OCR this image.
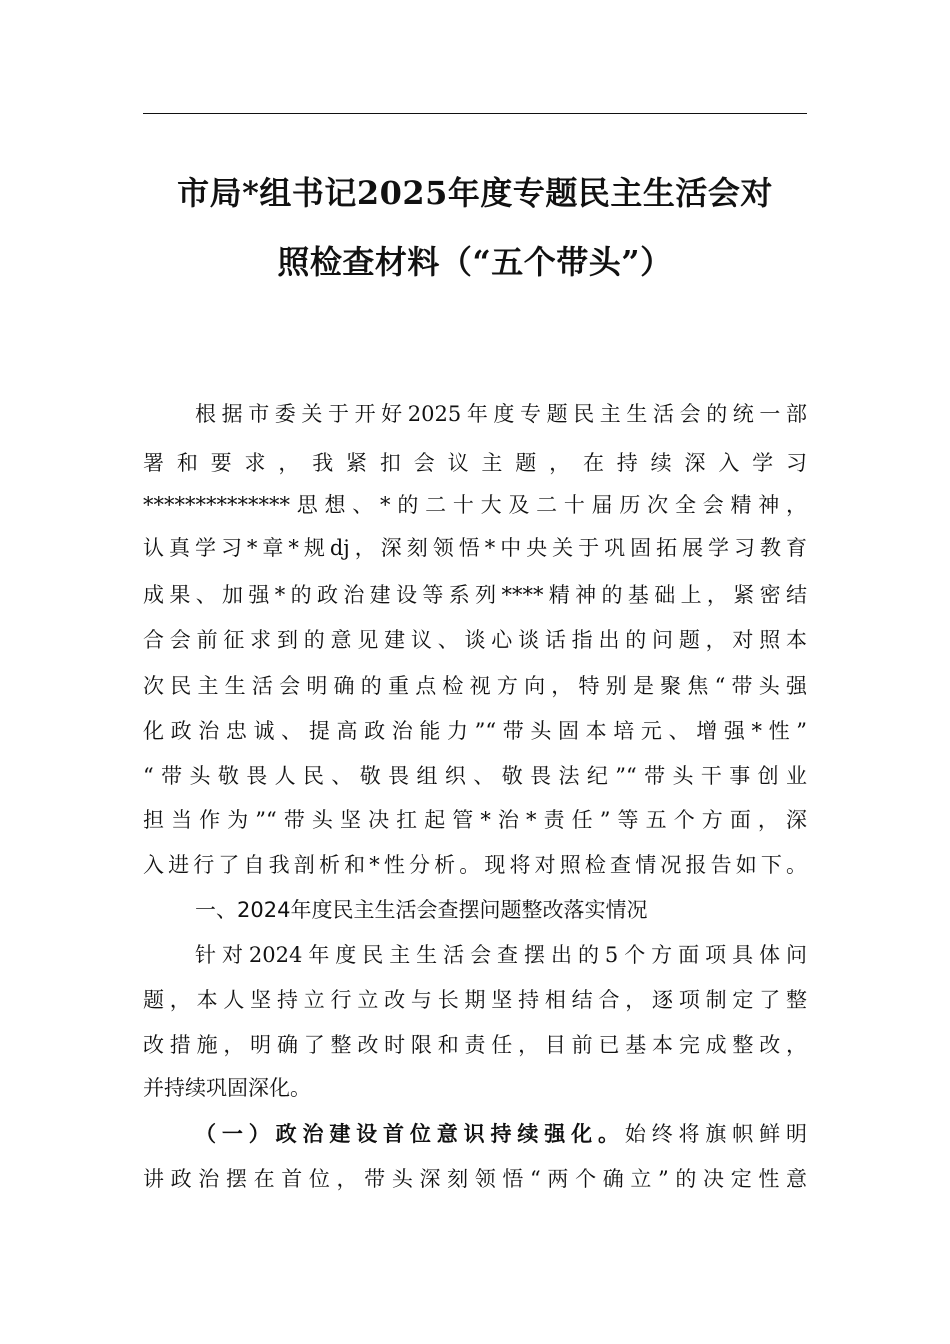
市局*组书记2025年度专题民主生活会对
照检查材料（“五个带头”）
根据市委关于开好2025年度专题民主生活会的统一部
署和要求，我紧扣会议主题，在持续深入学习
**************思想、*的二十大及二十届历次全会精神，
认真学习*章*规dj，深刻领悟*中央关于巩固拓展学习教育
成果、加强*的政治建设等系列****精神的基础上，紧密结
合会前征求到的意见建议、谈心谈话指出的问题，对照本
次民主生活会明确的重点检视方向，特别是聚焦“带头强
化政治忠诚、提高政治能力”“带头固本培元、增强*性”
“带头敬畏人民、敬畏组织、敬畏法纪”“带头干事创业
担当作为”“带头坚决扛起管*治*责任”等五个方面，深
入进行了自我剖析和*性分析。现将对照检查情况报告如下。
一、2024年度民主生活会查摆问题整改落实情况
针对2024年度民主生活会查摆出的5个方面项具体问
题，本人坚持立行立改与长期坚持相结合，逐项制定了整
改措施，明确了整改时限和责任，目前已基本完成整改，
并持续巩固深化。
（一）政治建设首位意识持续强化。始终将旗帜鲜明
讲政治摆在首位，带头深刻领悟“两个确立”的决定性意
